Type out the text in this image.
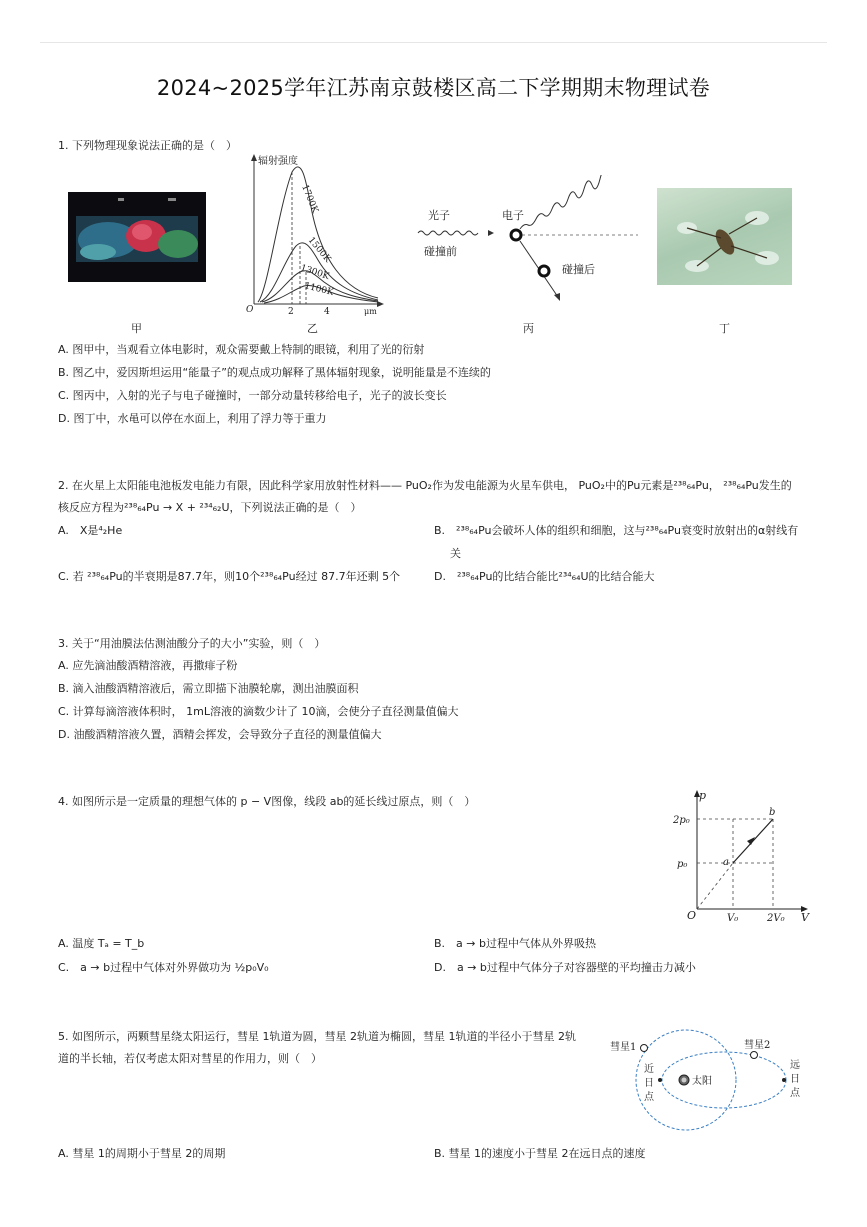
2024~2025学年江苏南京鼓楼区高二下学期期末物理试卷
1. 下列物理现象说法正确的是（　）
辐射强度
O	2	4	μm
1700K
1500K
1300K
1100K
光子	电子
碰撞前
碰撞后
甲	乙	丙	丁
A. 图甲中，当观看立体电影时，观众需要戴上特制的眼镜，利用了光的衍射
B. 图乙中，爱因斯坦运用“能量子”的观点成功解释了黑体辐射现象，说明能量是不连续的
C. 图丙中，入射的光子与电子碰撞时，一部分动量转移给电子，光子的波长变长
D. 图丁中，水黾可以停在水面上，利用了浮力等于重力
2. 在火星上太阳能电池板发电能力有限，因此科学家用放射性材料—— PuO₂作为发电能源为火星车供电， PuO₂中的Pu元素是²³⁸₆₄Pu， ²³⁸₆₄Pu发生的
核反应方程为²³⁸₆₄Pu → X + ²³⁴₆₂U，下列说法正确的是（　）
A.　X是⁴₂He	B.　²³⁸₆₄Pu会破坏人体的组织和细胞，这与²³⁸₆₄Pu衰变时放射出的α射线有
关
C. 若 ²³⁸₆₄Pu的半衰期是87.7年，则10个²³⁸₆₄Pu经过 87.7年还剩 5个	D.　²³⁸₆₄Pu的比结合能比²³⁴₆₄U的比结合能大
3. 关于“用油膜法估测油酸分子的大小”实验，则（　）
A. 应先滴油酸酒精溶液，再撒痱子粉
B. 滴入油酸酒精溶液后，需立即描下油膜轮廓，测出油膜面积
C. 计算每滴溶液体积时， 1mL溶液的滴数少计了 10滴，会使分子直径测量值偏大
D. 油酸酒精溶液久置，酒精会挥发，会导致分子直径的测量值偏大
4. 如图所示是一定质量的理想气体的 p − V图像，线段 ab的延长线过原点，则（　）	p
V
O
2p₀
p₀
V₀	2V₀
a
b
A. 温度 Tₐ = T_b	B.　a → b过程中气体从外界吸热
C.　a → b过程中气体对外界做功为 ½p₀V₀	D.　a → b过程中气体分子对容器壁的平均撞击力减小
5. 如图所示，两颗彗星绕太阳运行，彗星 1轨道为圆，彗星 2轨道为椭圆，彗星 1轨道的半径小于彗星 2轨
道的半长轴，若仅考虑太阳对彗星的作用力，则（　）
彗星1	彗星2
太阳
近
日
点
远
日
点
A. 彗星 1的周期小于彗星 2的周期	B. 彗星 1的速度小于彗星 2在远日点的速度
